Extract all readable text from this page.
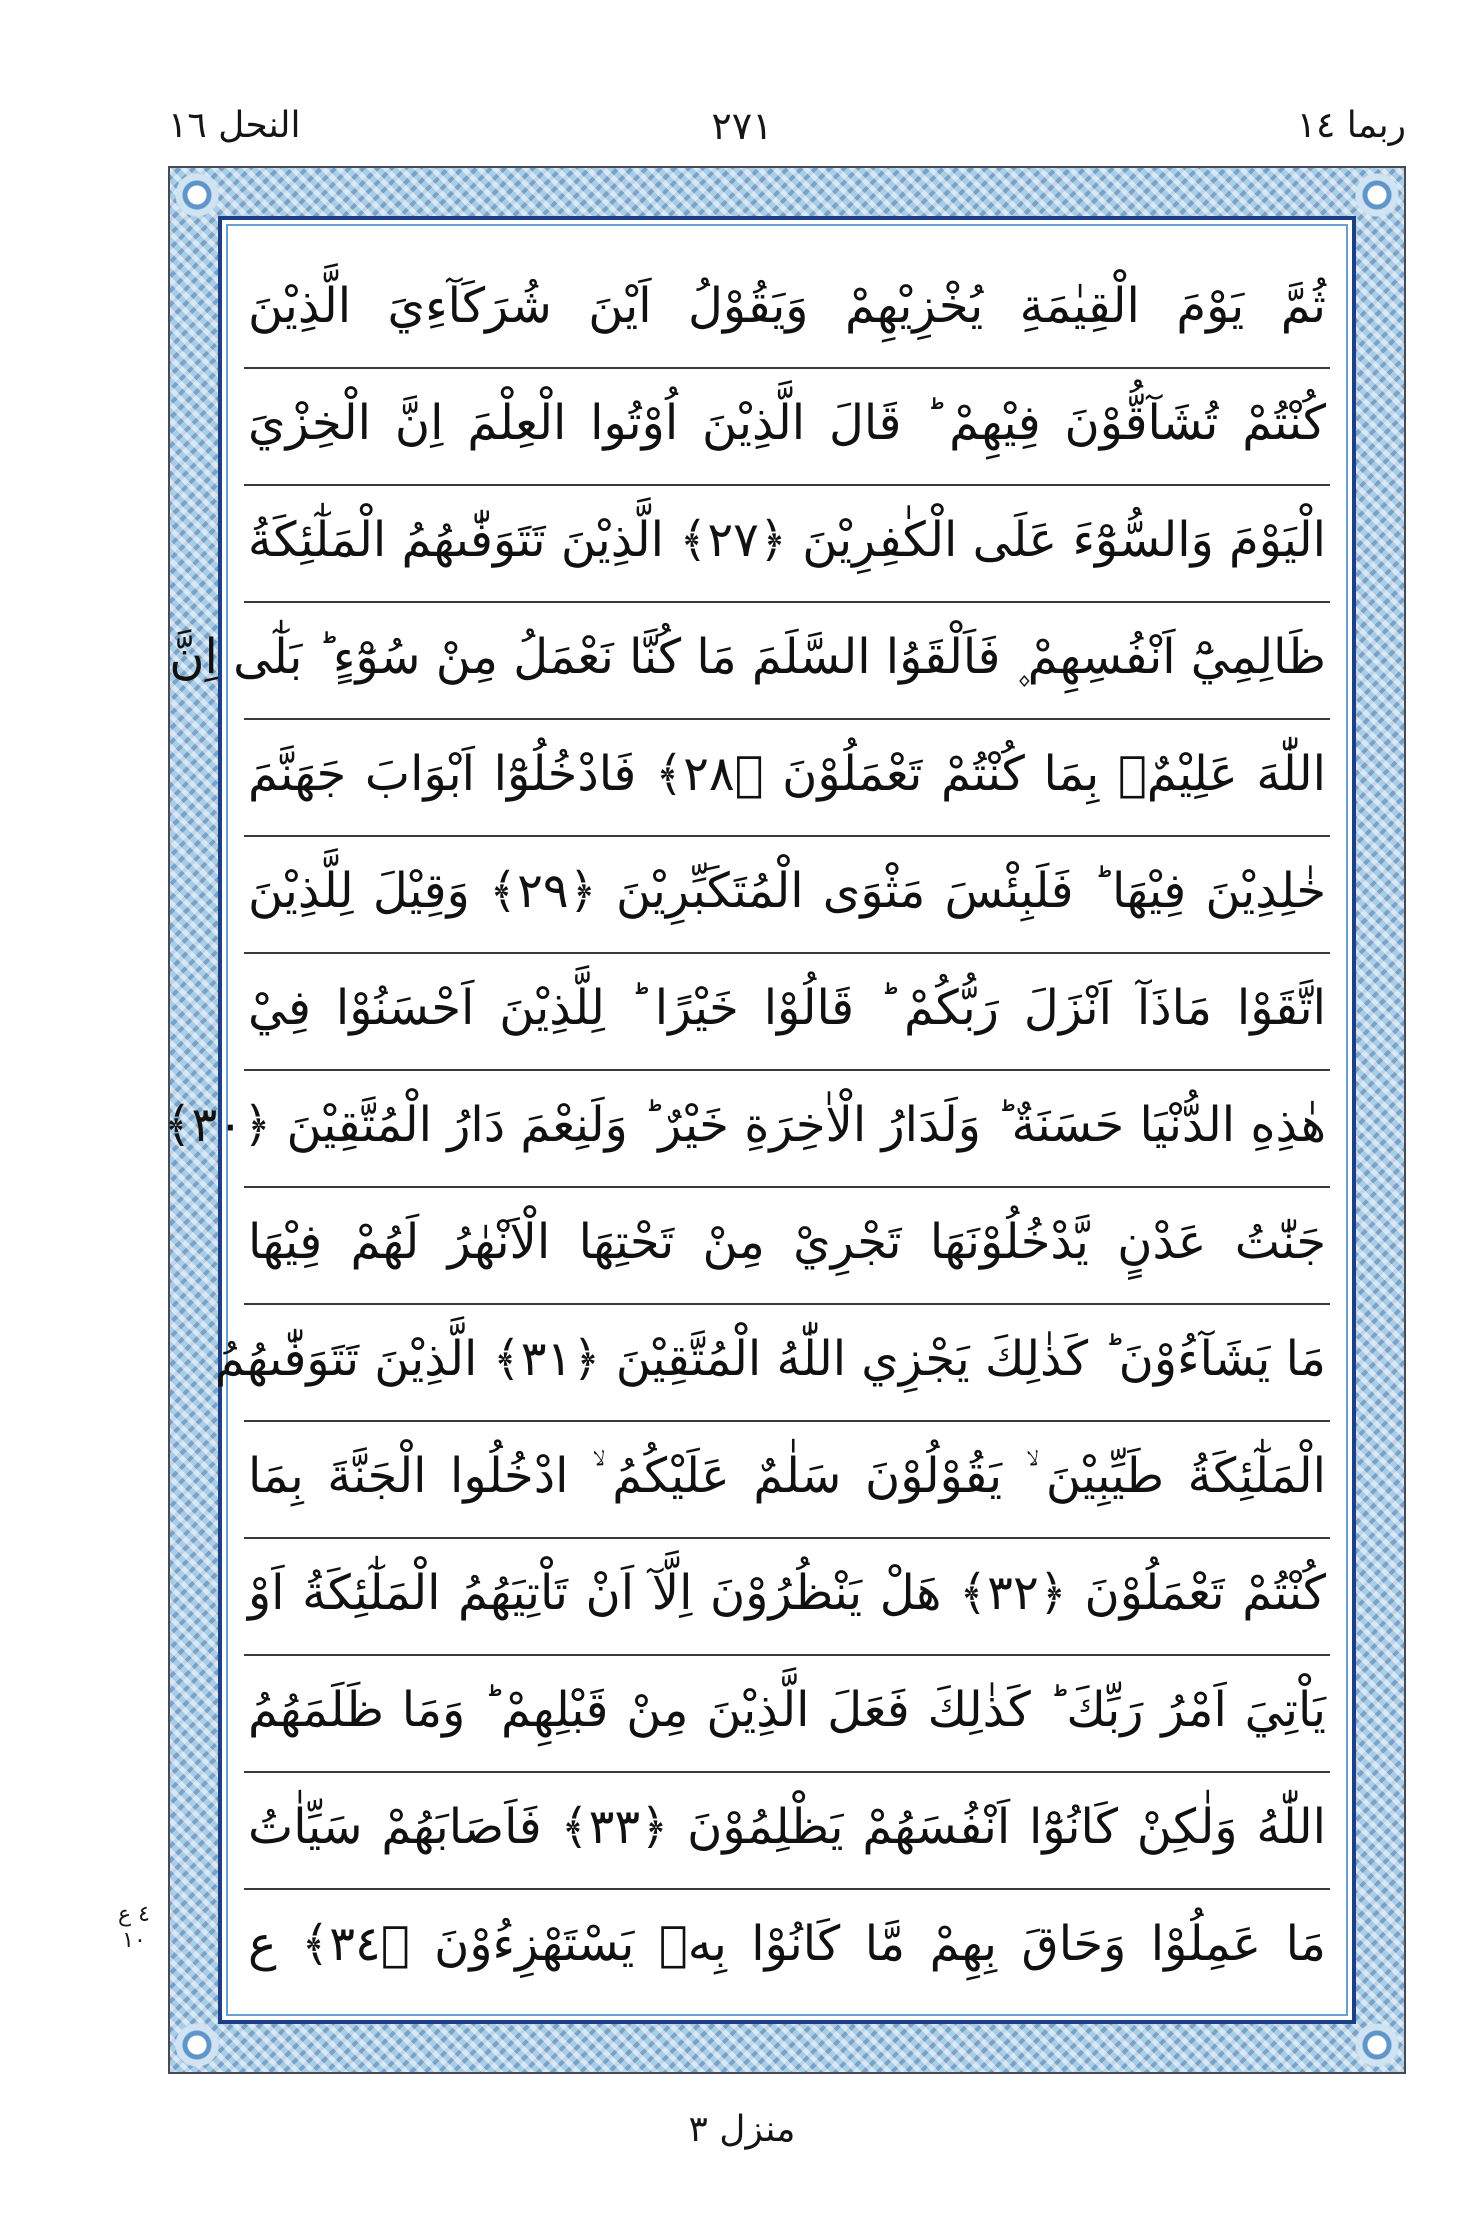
النحل ١٦	٢٧١	ربما ١٤
ثُمَّ يَوْمَ الْقِيٰمَةِ يُخْزِيْهِمْ وَيَقُوْلُ اَيْنَ شُرَكَآءِيَ الَّذِيْنَ
كُنْتُمْ تُشَآقُّوْنَ فِيْهِمْ ؕ قَالَ الَّذِيْنَ اُوْتُوا الْعِلْمَ اِنَّ الْخِزْيَ
الْيَوْمَ وَالسُّوْٓءَ عَلَى الْكٰفِرِيْنَ ﴿٢٧﴾ الَّذِيْنَ تَتَوَفّٰىهُمُ الْمَلٰٓئِكَةُ
ظَالِمِيْٓ اَنْفُسِهِمْ ۪ فَاَلْقَوُا السَّلَمَ مَا كُنَّا نَعْمَلُ مِنْ سُوْٓءٍ ؕ بَلٰٓى اِنَّ
اللّٰهَ عَلِيْمٌۢ بِمَا كُنْتُمْ تَعْمَلُوْنَ ﴿٢٨﴾ فَادْخُلُوْٓا اَبْوَابَ جَهَنَّمَ
خٰلِدِيْنَ فِيْهَا ؕ فَلَبِئْسَ مَثْوَى الْمُتَكَبِّرِيْنَ ﴿٢٩﴾ وَقِيْلَ لِلَّذِيْنَ
اتَّقَوْا مَاذَآ اَنْزَلَ رَبُّكُمْ ؕ قَالُوْا خَيْرًا ؕ لِلَّذِيْنَ اَحْسَنُوْا فِيْ
هٰذِهِ الدُّنْيَا حَسَنَةٌ ؕ وَلَدَارُ الْاٰخِرَةِ خَيْرٌ ؕ وَلَنِعْمَ دَارُ الْمُتَّقِيْنَ ﴿٣٠﴾
جَنّٰتُ عَدْنٍ يَّدْخُلُوْنَهَا تَجْرِيْ مِنْ تَحْتِهَا الْاَنْهٰرُ لَهُمْ فِيْهَا
مَا يَشَآءُوْنَ ؕ كَذٰلِكَ يَجْزِي اللّٰهُ الْمُتَّقِيْنَ ﴿٣١﴾ الَّذِيْنَ تَتَوَفّٰىهُمُ
الْمَلٰٓئِكَةُ طَيِّبِيْنَ ۙ يَقُوْلُوْنَ سَلٰمٌ عَلَيْكُمُ ۙ ادْخُلُوا الْجَنَّةَ بِمَا
كُنْتُمْ تَعْمَلُوْنَ ﴿٣٢﴾ هَلْ يَنْظُرُوْنَ اِلَّآ اَنْ تَاْتِيَهُمُ الْمَلٰٓئِكَةُ اَوْ
يَاْتِيَ اَمْرُ رَبِّكَ ؕ كَذٰلِكَ فَعَلَ الَّذِيْنَ مِنْ قَبْلِهِمْ ؕ وَمَا ظَلَمَهُمُ
اللّٰهُ وَلٰكِنْ كَانُوْٓا اَنْفُسَهُمْ يَظْلِمُوْنَ ﴿٣٣﴾ فَاَصَابَهُمْ سَيِّاٰتُ
مَا عَمِلُوْا وَحَاقَ بِهِمْ مَّا كَانُوْا بِهٖ يَسْتَهْزِءُوْنَ ﴿٣٤﴾ ع
٤ ع ١٠
منزل ٣
